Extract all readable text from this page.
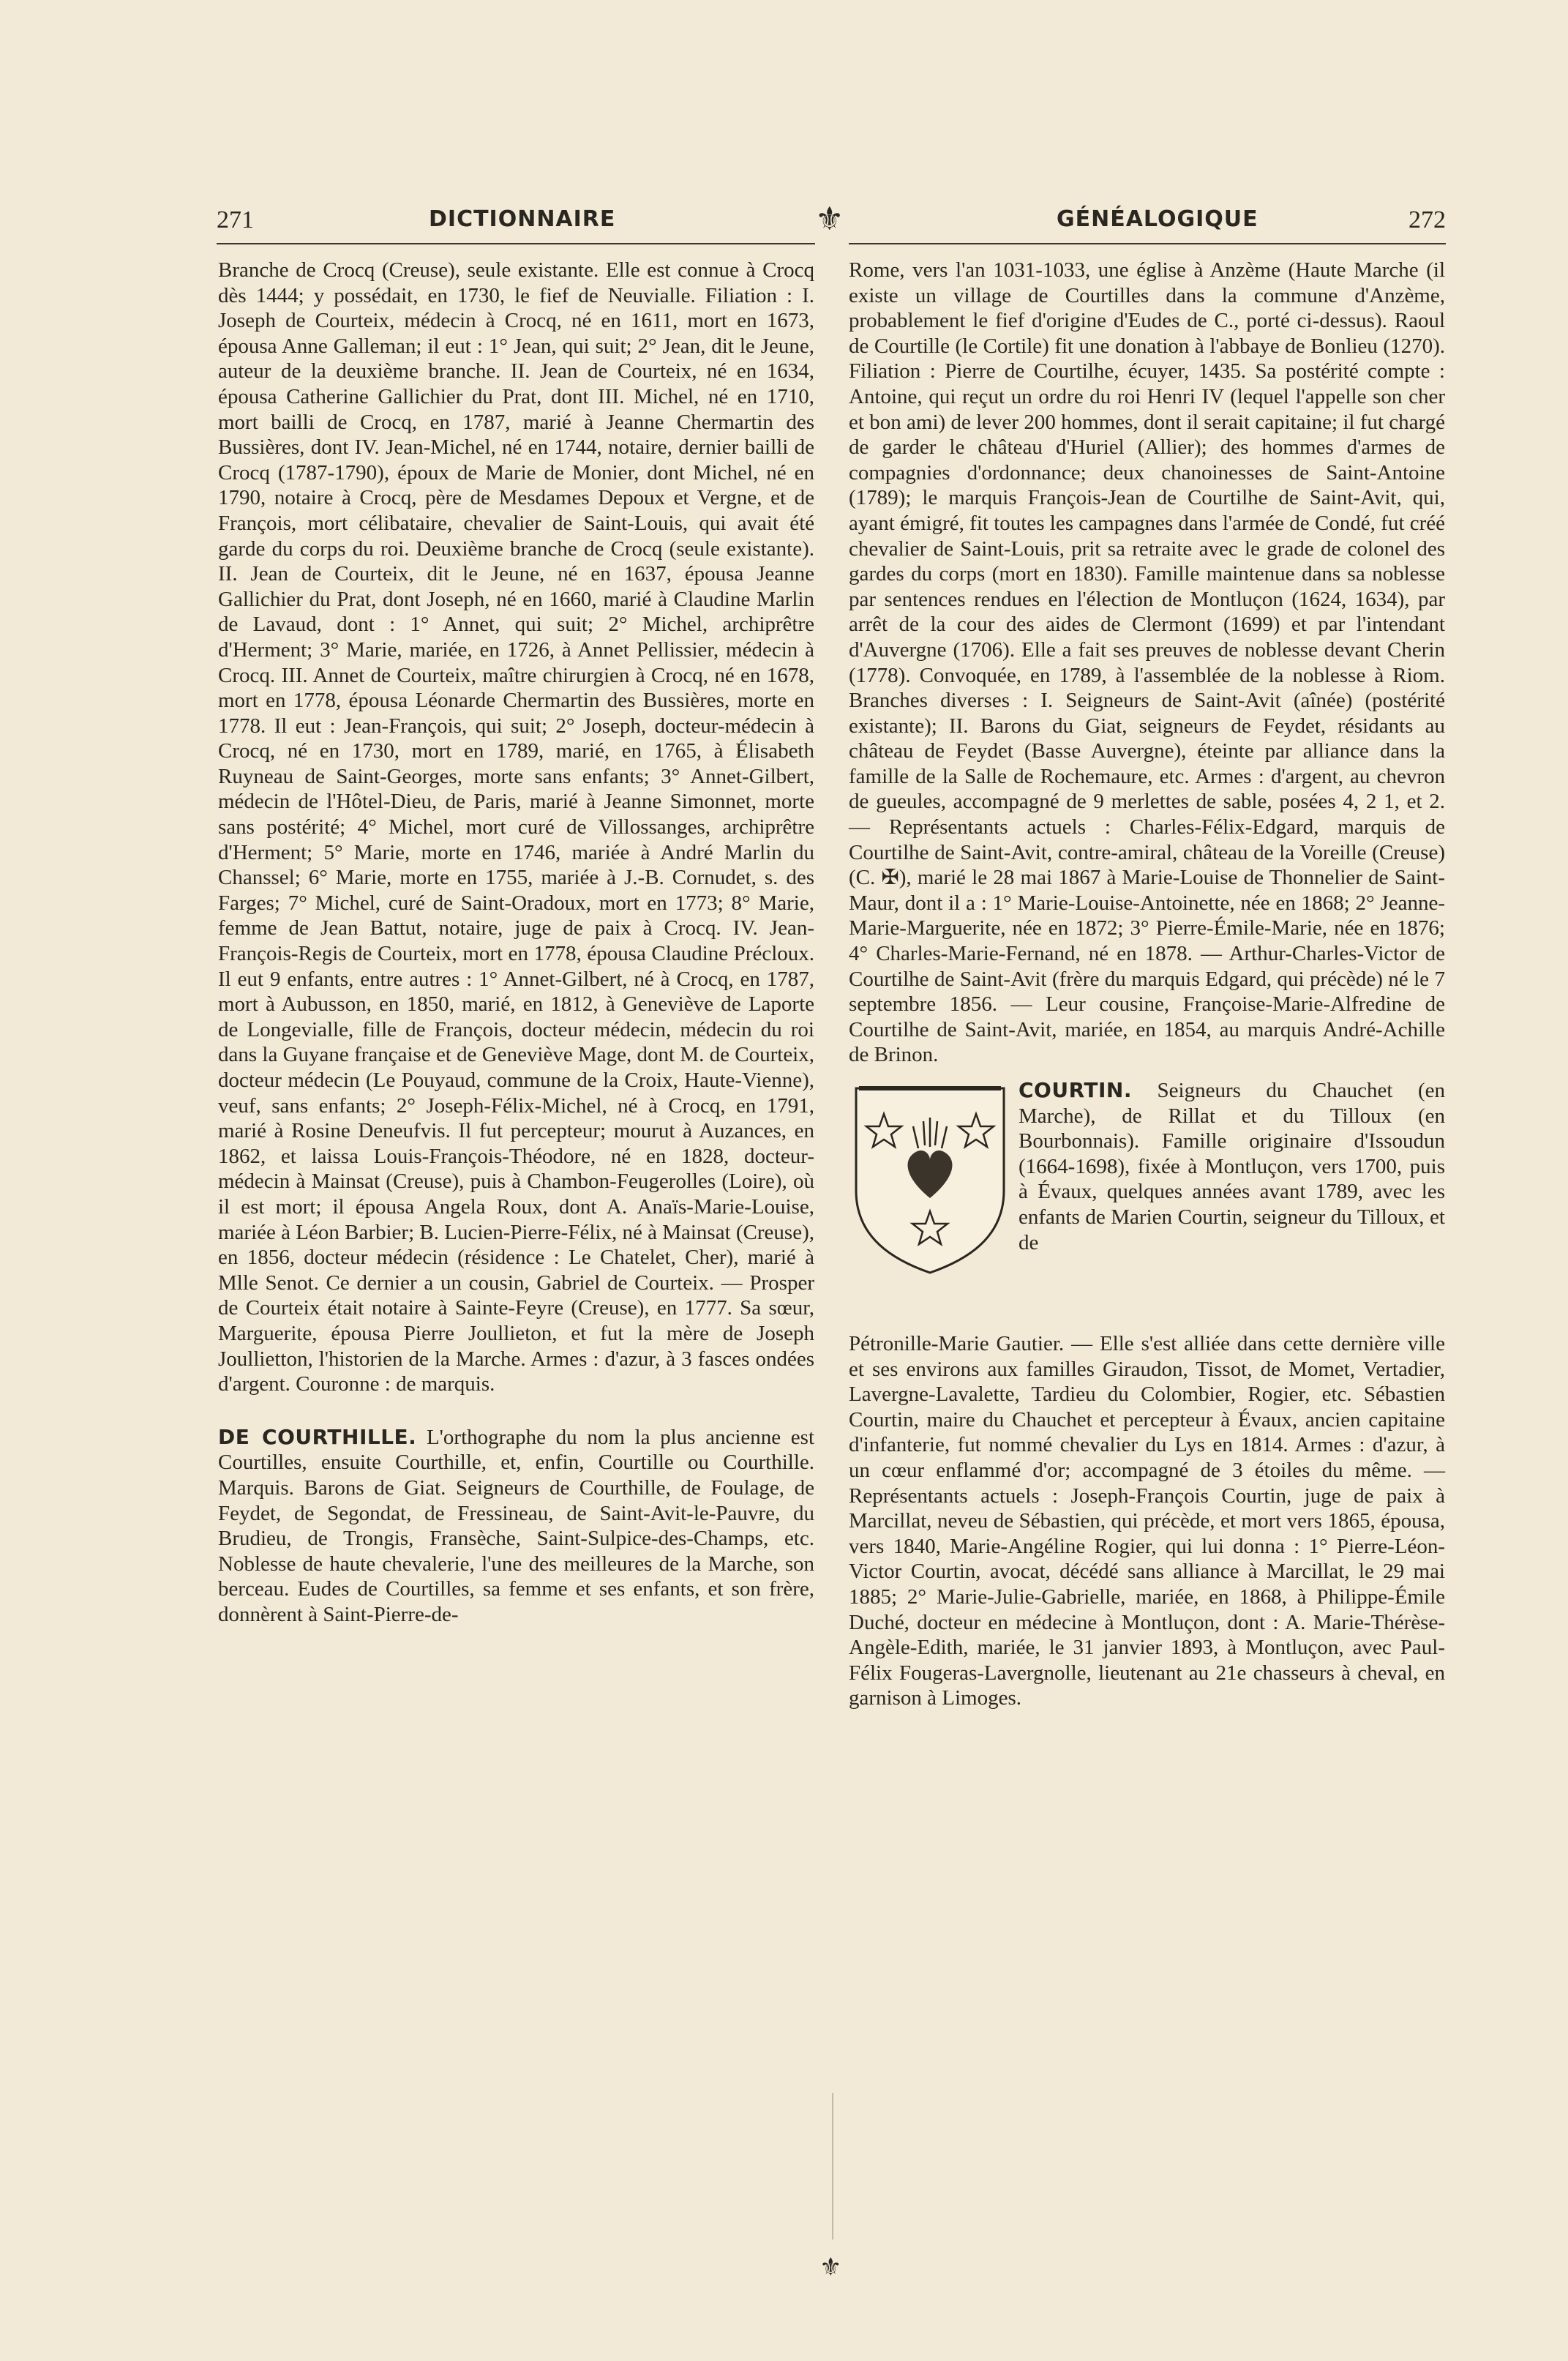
271	DICTIONNAIRE	⚜	GÉNÉALOGIQUE	272

Branche de Crocq (Creuse), seule existante. Elle est connue à Crocq dès 1444; y possédait, en 1730, le fief de Neuvialle. Filiation : I. Joseph de Courteix, médecin à Crocq, né en 1611, mort en 1673, épousa Anne Galleman; il eut : 1° Jean, qui suit; 2° Jean, dit le Jeune, auteur de la deuxième branche. II. Jean de Courteix, né en 1634, épousa Catherine Gallichier du Prat, dont III. Michel, né en 1710, mort bailli de Crocq, en 1787, marié à Jeanne Chermartin des Bussières, dont IV. Jean-Michel, né en 1744, notaire, dernier bailli de Crocq (1787-1790), époux de Marie de Monier, dont Michel, né en 1790, notaire à Crocq, père de Mesdames Depoux et Vergne, et de François, mort célibataire, chevalier de Saint-Louis, qui avait été garde du corps du roi. Deuxième branche de Crocq (seule existante). II. Jean de Courteix, dit le Jeune, né en 1637, épousa Jeanne Gallichier du Prat, dont Joseph, né en 1660, marié à Claudine Marlin de Lavaud, dont : 1° Annet, qui suit; 2° Michel, archiprêtre d'Herment; 3° Marie, mariée, en 1726, à Annet Pellissier, médecin à Crocq. III. Annet de Courteix, maître chirurgien à Crocq, né en 1678, mort en 1778, épousa Léonarde Chermartin des Bussières, morte en 1778. Il eut : Jean-François, qui suit; 2° Joseph, docteur-médecin à Crocq, né en 1730, mort en 1789, marié, en 1765, à Élisabeth Ruyneau de Saint-Georges, morte sans enfants; 3° Annet-Gilbert, médecin de l'Hôtel-Dieu, de Paris, marié à Jeanne Simonnet, morte sans postérité; 4° Michel, mort curé de Villossanges, archiprêtre d'Herment; 5° Marie, morte en 1746, mariée à André Marlin du Chanssel; 6° Marie, morte en 1755, mariée à J.-B. Cornudet, s. des Farges; 7° Michel, curé de Saint-Oradoux, mort en 1773; 8° Marie, femme de Jean Battut, notaire, juge de paix à Crocq. IV. Jean-François-Regis de Courteix, mort en 1778, épousa Claudine Précloux. Il eut 9 enfants, entre autres : 1° Annet-Gilbert, né à Crocq, en 1787, mort à Aubusson, en 1850, marié, en 1812, à Geneviève de Laporte de Longevialle, fille de François, docteur médecin, médecin du roi dans la Guyane française et de Geneviève Mage, dont M. de Courteix, docteur médecin (Le Pouyaud, commune de la Croix, Haute-Vienne), veuf, sans enfants; 2° Joseph-Félix-Michel, né à Crocq, en 1791, marié à Rosine Deneufvis. Il fut percepteur; mourut à Auzances, en 1862, et laissa Louis-François-Théodore, né en 1828, docteur-médecin à Mainsat (Creuse), puis à Chambon-Feugerolles (Loire), où il est mort; il épousa Angela Roux, dont A. Anaïs-Marie-Louise, mariée à Léon Barbier; B. Lucien-Pierre-Félix, né à Mainsat (Creuse), en 1856, docteur médecin (résidence : Le Chatelet, Cher), marié à Mlle Senot. Ce dernier a un cousin, Gabriel de Courteix. — Prosper de Courteix était notaire à Sainte-Feyre (Creuse), en 1777. Sa sœur, Marguerite, épousa Pierre Joullieton, et fut la mère de Joseph Joullietton, l'historien de la Marche. Armes : d'azur, à 3 fasces ondées d'argent. Couronne : de marquis.

DE COURTHILLE. L'orthographe du nom la plus ancienne est Courtilles, ensuite Courthille, et, enfin, Courtille ou Courthille. Marquis. Barons de Giat. Seigneurs de Courthille, de Foulage, de Feydet, de Segondat, de Fressineau, de Saint-Avit-le-Pauvre, du Brudieu, de Trongis, Fransèche, Saint-Sulpice-des-Champs, etc. Noblesse de haute chevalerie, l'une des meilleures de la Marche, son berceau. Eudes de Courtilles, sa femme et ses enfants, et son frère, donnèrent à Saint-Pierre-de-

Rome, vers l'an 1031-1033, une église à Anzème (Haute Marche (il existe un village de Courtilles dans la commune d'Anzème, probablement le fief d'origine d'Eudes de C., porté ci-dessus). Raoul de Courtille (le Cortile) fit une donation à l'abbaye de Bonlieu (1270). Filiation : Pierre de Courtilhe, écuyer, 1435. Sa postérité compte : Antoine, qui reçut un ordre du roi Henri IV (lequel l'appelle son cher et bon ami) de lever 200 hommes, dont il serait capitaine; il fut chargé de garder le château d'Huriel (Allier); des hommes d'armes de compagnies d'ordonnance; deux chanoinesses de Saint-Antoine (1789); le marquis François-Jean de Courtilhe de Saint-Avit, qui, ayant émigré, fit toutes les campagnes dans l'armée de Condé, fut créé chevalier de Saint-Louis, prit sa retraite avec le grade de colonel des gardes du corps (mort en 1830). Famille maintenue dans sa noblesse par sentences rendues en l'élection de Montluçon (1624, 1634), par arrêt de la cour des aides de Clermont (1699) et par l'intendant d'Auvergne (1706). Elle a fait ses preuves de noblesse devant Cherin (1778). Convoquée, en 1789, à l'assemblée de la noblesse à Riom. Branches diverses : I. Seigneurs de Saint-Avit (aînée) (postérité existante); II. Barons du Giat, seigneurs de Feydet, résidants au château de Feydet (Basse Auvergne), éteinte par alliance dans la famille de la Salle de Rochemaure, etc. Armes : d'argent, au chevron de gueules, accompagné de 9 merlettes de sable, posées 4, 2 1, et 2. — Représentants actuels : Charles-Félix-Edgard, marquis de Courtilhe de Saint-Avit, contre-amiral, château de la Voreille (Creuse) (C. ✠), marié le 28 mai 1867 à Marie-Louise de Thonnelier de Saint-Maur, dont il a : 1° Marie-Louise-Antoinette, née en 1868; 2° Jeanne-Marie-Marguerite, née en 1872; 3° Pierre-Émile-Marie, née en 1876; 4° Charles-Marie-Fernand, né en 1878. — Arthur-Charles-Victor de Courtilhe de Saint-Avit (frère du marquis Edgard, qui précède) né le 7 septembre 1856. — Leur cousine, Françoise-Marie-Alfredine de Courtilhe de Saint-Avit, mariée, en 1854, au marquis André-Achille de Brinon.

COURTIN. Seigneurs du Chauchet (en Marche), de Rillat et du Tilloux (en Bourbonnais). Famille originaire d'Issoudun (1664-1698), fixée à Montluçon, vers 1700, puis à Évaux, quelques années avant 1789, avec les enfants de Marien Courtin, seigneur du Tilloux, et de

Pétronille-Marie Gautier. — Elle s'est alliée dans cette dernière ville et ses environs aux familles Giraudon, Tissot, de Momet, Vertadier, Lavergne-Lavalette, Tardieu du Colombier, Rogier, etc. Sébastien Courtin, maire du Chauchet et percepteur à Évaux, ancien capitaine d'infanterie, fut nommé chevalier du Lys en 1814. Armes : d'azur, à un cœur enflammé d'or; accompagné de 3 étoiles du même. — Représentants actuels : Joseph-François Courtin, juge de paix à Marcillat, neveu de Sébastien, qui précède, et mort vers 1865, épousa, vers 1840, Marie-Angéline Rogier, qui lui donna : 1° Pierre-Léon-Victor Courtin, avocat, décédé sans alliance à Marcillat, le 29 mai 1885; 2° Marie-Julie-Gabrielle, mariée, en 1868, à Philippe-Émile Duché, docteur en médecine à Montluçon, dont : A. Marie-Thérèse-Angèle-Edith, mariée, le 31 janvier 1893, à Montluçon, avec Paul-Félix Fougeras-Lavergnolle, lieutenant au 21e chasseurs à cheval, en garnison à Limoges.

⚜
